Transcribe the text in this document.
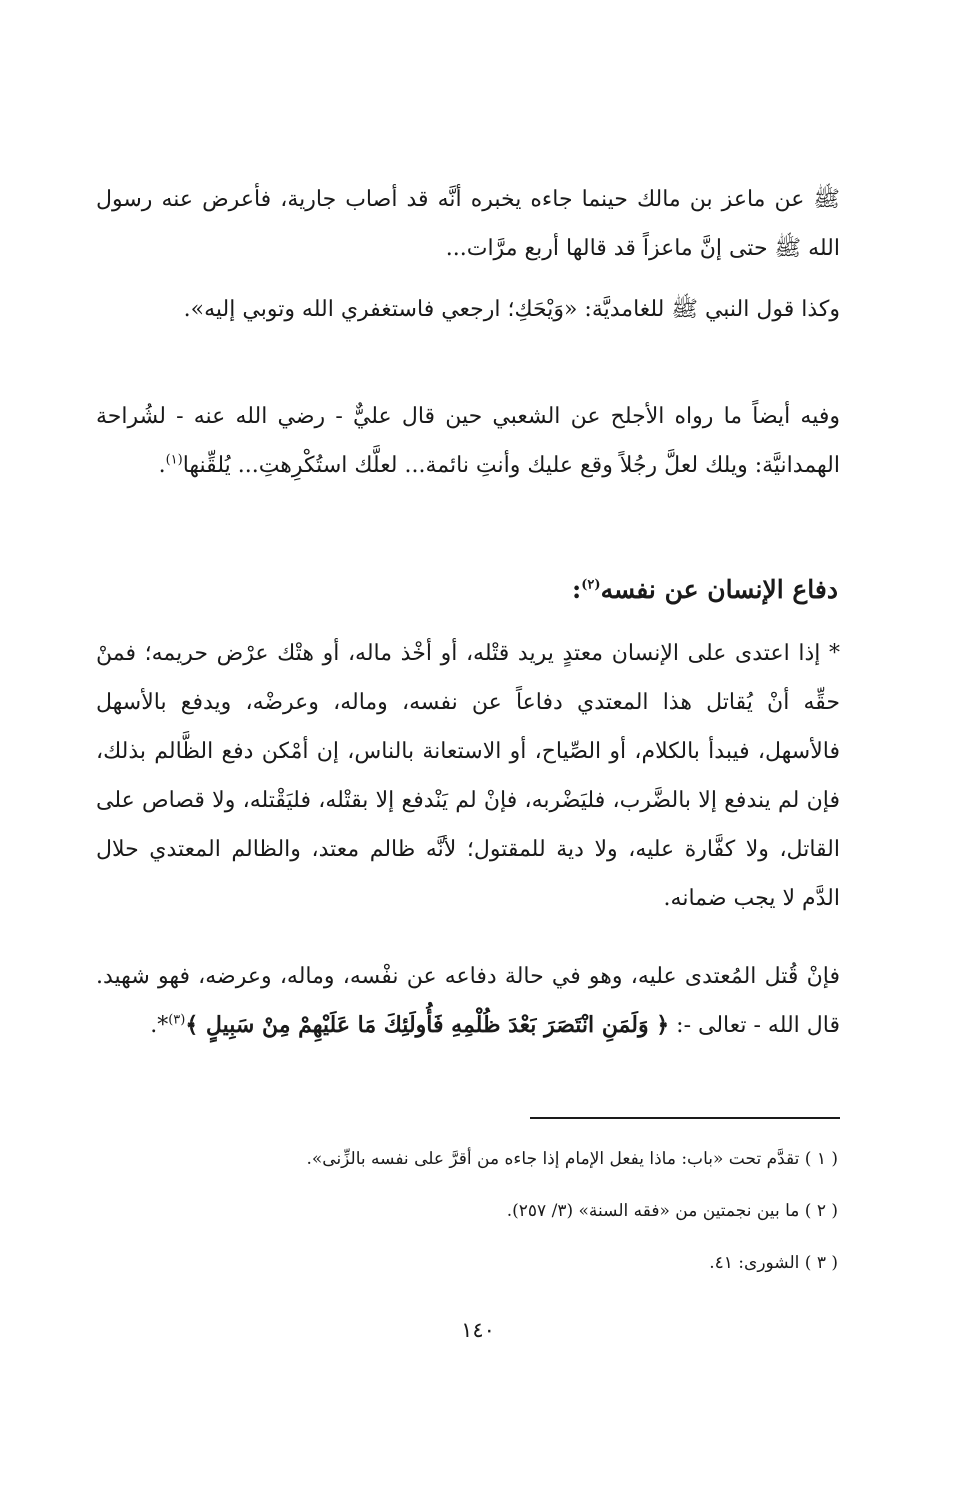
ﷺ عن ماعز بن مالك حينما جاءه يخبره أنَّه قد أصاب جارية، فأعرض عنه رسول الله ﷺ حتى إنَّ ماعزاً قد قالها أربع مرَّات...

وكذا قول النبي ﷺ للغامديَّة: «وَيْحَكِ؛ ارجعي فاستغفري الله وتوبي إليه».

وفيه أيضاً ما رواه الأجلح عن الشعبي حين قال عليٌّ - رضي الله عنه - لشُراحة الهمدانيَّة: ويلك لعلَّ رجُلاً وقع عليك وأنتِ نائمة... لعلَّك استُكْرِهتِ... يُلقِّنها$^{(١)}$.

دفاع الإنسان عن نفسه$^{(٢)}$:

* إذا اعتدى على الإنسان معتدٍ يريد قتْله، أو أخْذ ماله، أو هتْك عرْض حريمه؛ فمنْ حقِّه أنْ يُقاتل هذا المعتدي دفاعاً عن نفسه، وماله، وعرضْه، ويدفع بالأسهل فالأسهل، فيبدأ بالكلام، أو الصِّياح، أو الاستعانة بالناس، إن أمْكن دفع الظَّالم بذلك، فإن لم يندفع إلا بالضَّرب، فليَضْربه، فإنْ لم يَنْدفع إلا بقتْله، فليَقْتله، ولا قصاص على القاتل، ولا كفَّارة عليه، ولا دية للمقتول؛ لأنَّه ظالم معتد، والظالم المعتدي حلال الدَّم لا يجب ضمانه.

فإنْ قُتل المُعتدى عليه، وهو في حالة دفاعه عن نفْسه، وماله، وعرضه، فهو شهيد. قال الله - تعالى -: ﴿ وَلَمَنِ انْتَصَرَ بَعْدَ ظُلْمِهِ فَأُولَئِكَ مَا عَلَيْهِمْ مِنْ سَبِيلٍ ﴾$^{(٣)}$*.

( ١ ) تقدَّم تحت «باب: ماذا يفعل الإمام إذا جاءه من أقرَّ على نفسه بالزِّنى».
( ٢ ) ما بين نجمتين من «فقه السنة» (٣/ ٢٥٧).
( ٣ ) الشورى: ٤١.
١٤٠
